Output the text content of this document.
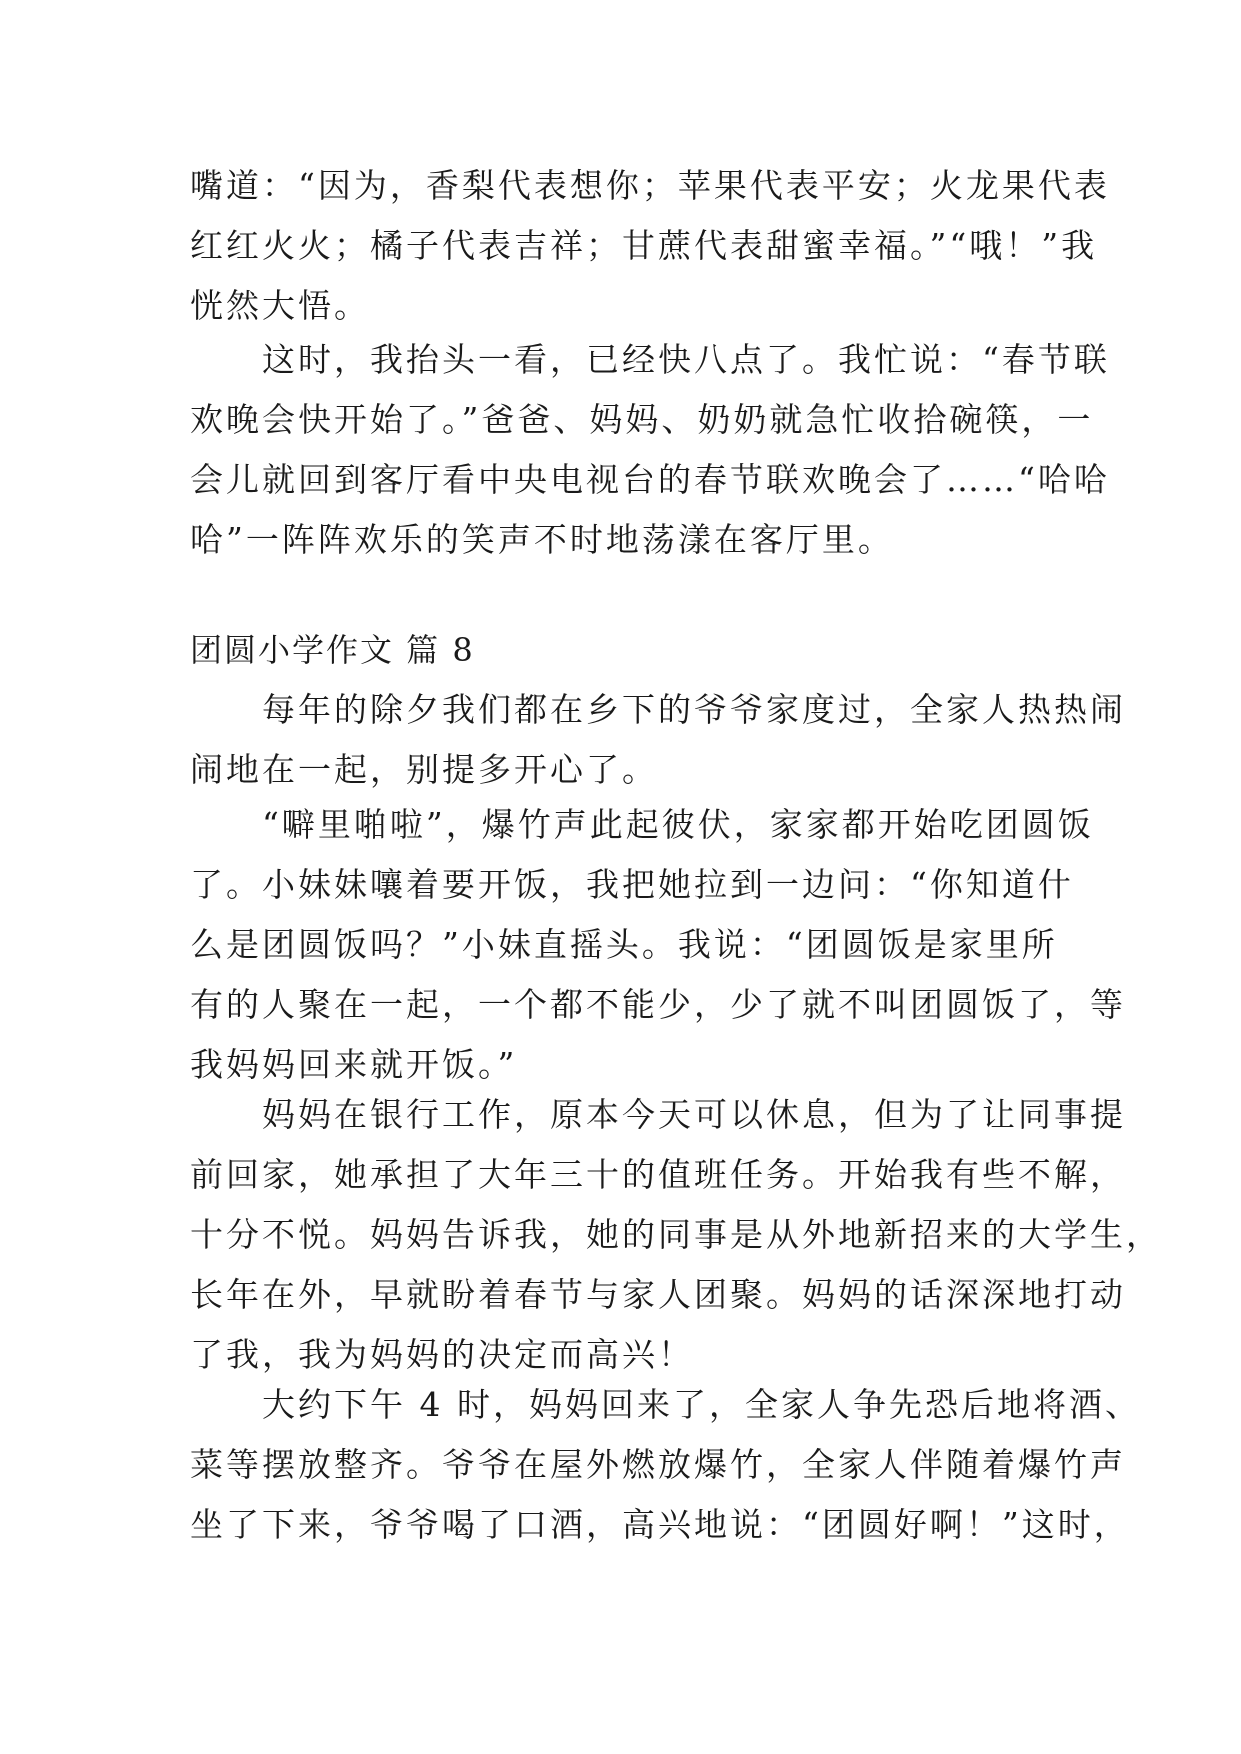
嘴道：“因为，香梨代表想你；苹果代表平安；火龙果代表
红红火火；橘子代表吉祥；甘蔗代表甜蜜幸福。”“哦！”我
恍然大悟。
　　这时，我抬头一看，已经快八点了。我忙说：“春节联
欢晚会快开始了。”爸爸、妈妈、奶奶就急忙收拾碗筷，一
会儿就回到客厅看中央电视台的春节联欢晚会了……“哈哈
哈”一阵阵欢乐的笑声不时地荡漾在客厅里。
团圆小学作文 篇 8
　　每年的除夕我们都在乡下的爷爷家度过，全家人热热闹
闹地在一起，别提多开心了。
　　“噼里啪啦”，爆竹声此起彼伏，家家都开始吃团圆饭
了。小妹妹嚷着要开饭，我把她拉到一边问：“你知道什
么是团圆饭吗？”小妹直摇头。我说：“团圆饭是家里所
有的人聚在一起，一个都不能少，少了就不叫团圆饭了，等
我妈妈回来就开饭。”
　　妈妈在银行工作，原本今天可以休息，但为了让同事提
前回家，她承担了大年三十的值班任务。开始我有些不解，
十分不悦。妈妈告诉我，她的同事是从外地新招来的大学生，
长年在外，早就盼着春节与家人团聚。妈妈的话深深地打动
了我，我为妈妈的决定而高兴！
　　大约下午 4 时，妈妈回来了，全家人争先恐后地将酒、
菜等摆放整齐。爷爷在屋外燃放爆竹，全家人伴随着爆竹声
坐了下来，爷爷喝了口酒，高兴地说：“团圆好啊！”这时，
